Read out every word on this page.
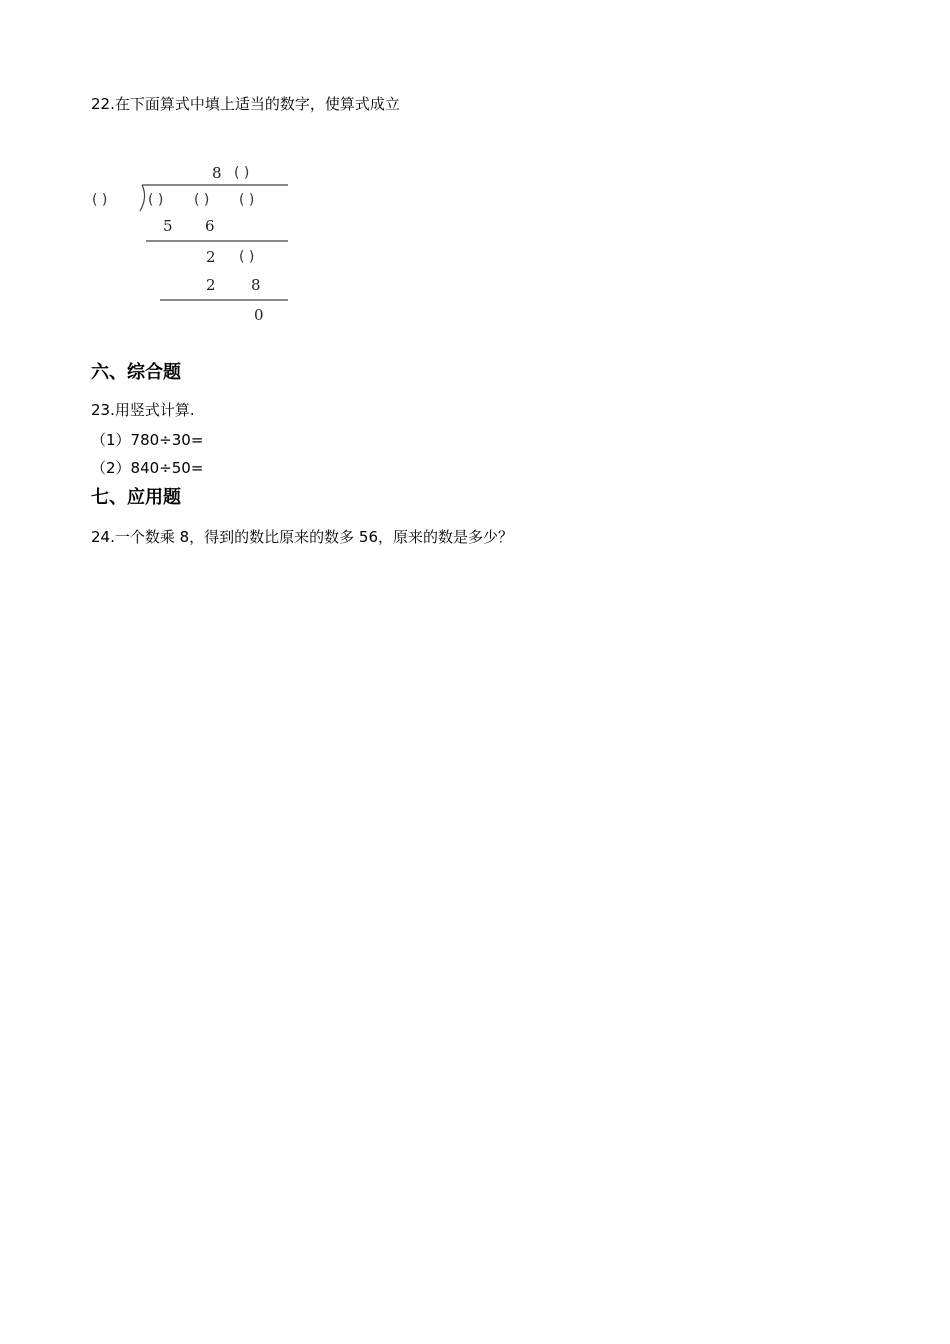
22.在下面算式中填上适当的数字，使算式成立
8 ( )
( )	( ) ( ) ( )
5 6
2 ( )
2 8
0
六、综合题
23.用竖式计算.
（1）780÷30=
（2）840÷50=
七、应用题
24.一个数乘 8，得到的数比原来的数多 56，原来的数是多少？
